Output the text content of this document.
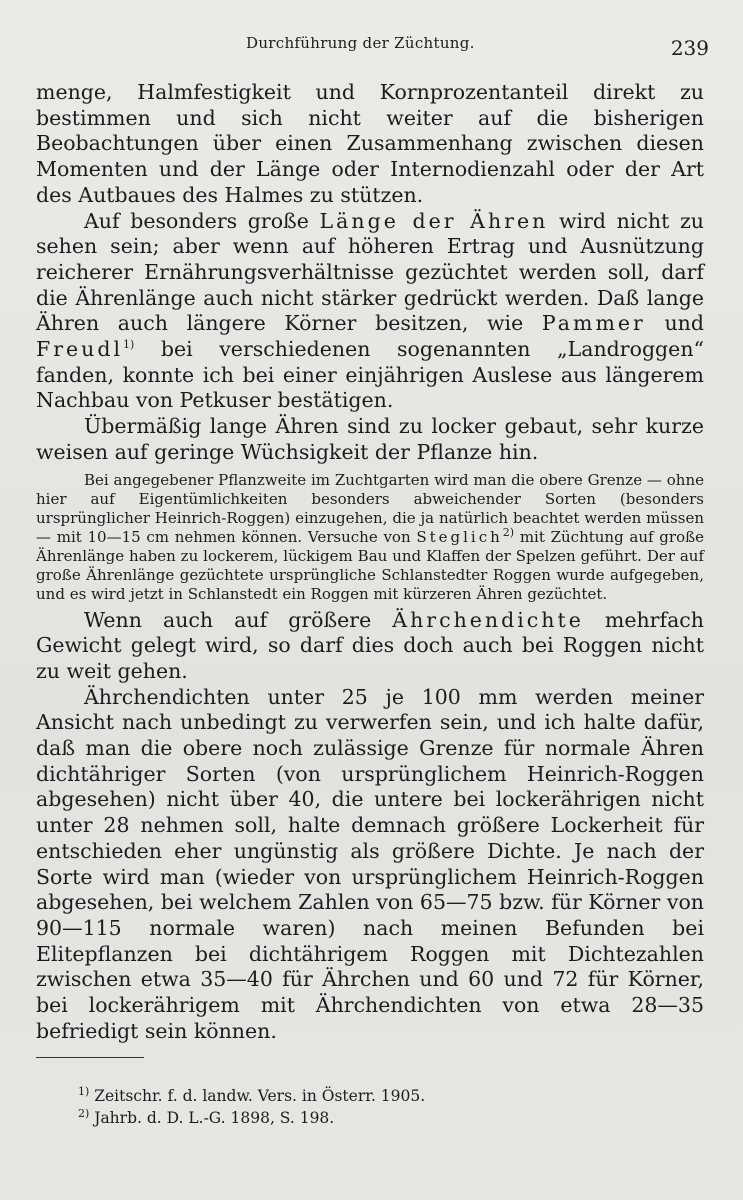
Durchführung der Züchtung.	239

menge, Halmfestigkeit und Kornprozentanteil direkt zu bestimmen und sich nicht weiter auf die bisherigen Beobachtungen über einen Zusammenhang zwischen diesen Momenten und der Länge oder Internodienzahl oder der Art des Autbaues des Halmes zu stützen.

Auf besonders große Länge der Ähren wird nicht zu sehen sein; aber wenn auf höheren Ertrag und Ausnützung reicherer Ernährungsverhältnisse gezüchtet werden soll, darf die Ährenlänge auch nicht stärker gedrückt werden. Daß lange Ähren auch längere Körner besitzen, wie Pammer und Freudl$^{1)}$ bei verschiedenen sogenannten „Landroggen“ fanden, konnte ich bei einer einjährigen Auslese aus längerem Nachbau von Petkuser bestätigen.

Übermäßig lange Ähren sind zu locker gebaut, sehr kurze weisen auf geringe Wüchsigkeit der Pflanze hin.

Bei angegebener Pflanzweite im Zuchtgarten wird man die obere Grenze — ohne hier auf Eigentümlichkeiten besonders abweichender Sorten (besonders ursprünglicher Heinrich-Roggen) einzugehen, die ja natürlich beachtet werden müssen — mit 10—15 cm nehmen können. Versuche von Steglich$^{2)}$ mit Züchtung auf große Ährenlänge haben zu lockerem, lückigem Bau und Klaffen der Spelzen geführt. Der auf große Ährenlänge gezüchtete ursprüngliche Schlanstedter Roggen wurde aufgegeben, und es wird jetzt in Schlanstedt ein Roggen mit kürzeren Ähren gezüchtet.

Wenn auch auf größere Ährchendichte mehrfach Gewicht gelegt wird, so darf dies doch auch bei Roggen nicht zu weit gehen.

Ährchendichten unter 25 je 100 mm werden meiner Ansicht nach unbedingt zu verwerfen sein, und ich halte dafür, daß man die obere noch zulässige Grenze für normale Ähren dichtähriger Sorten (von ursprünglichem Heinrich-Roggen abgesehen) nicht über 40, die untere bei lockerährigen nicht unter 28 nehmen soll, halte demnach größere Lockerheit für entschieden eher ungünstig als größere Dichte. Je nach der Sorte wird man (wieder von ursprünglichem Heinrich-Roggen abgesehen, bei welchem Zahlen von 65—75 bzw. für Körner von 90—115 normale waren) nach meinen Befunden bei Elitepflanzen bei dichtährigem Roggen mit Dichtezahlen zwischen etwa 35—40 für Ährchen und 60 und 72 für Körner, bei lockerährigem mit Ährchendichten von etwa 28—35 befriedigt sein können.

$^{1)}$ Zeitschr. f. d. landw. Vers. in Österr. 1905.

$^{2)}$ Jahrb. d. D. L.-G. 1898, S. 198.
